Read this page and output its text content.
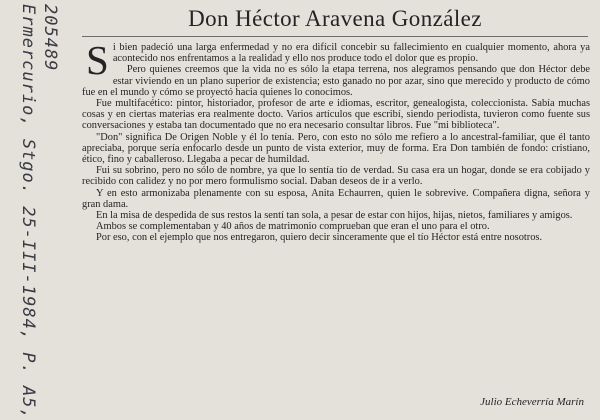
Ermercurio, Stgo. 25-III-1984, P. A5, 205489	Don Héctor Aravena González

Si bien padeció una larga enfermedad y no era difícil concebir su fallecimiento en cualquier momento, ahora ya acontecido nos enfrentamos a la realidad y ello nos produce todo el dolor que es propio.

Pero quienes creemos que la vida no es sólo la etapa terrena, nos alegramos pensando que don Héctor debe estar viviendo en un plano superior de existencia; esto ganado no por azar, sino que merecido y producto de cómo fue en el mundo y cómo se proyectó hacia quienes lo conocimos.

Fue multifacético: pintor, historiador, profesor de arte e idiomas, escritor, genealogista, coleccionista. Sabía muchas cosas y en ciertas materias era realmente docto. Varios artículos que escribí, siendo periodista, tuvieron como fuente sus conversaciones y estaba tan documentado que no era necesario consultar libros. Fue "mi biblioteca".

"Don" significa De Origen Noble y él lo tenía. Pero, con esto no sólo me refiero a lo ancestral-familiar, que él tanto apreciaba, porque sería enfocarlo desde un punto de vista exterior, muy de forma. Era Don también de fondo: cristiano, ético, fino y caballeroso. Llegaba a pecar de humildad.

Fui su sobrino, pero no sólo de nombre, ya que lo sentía tío de verdad. Su casa era un hogar, donde se era cobijado y recibido con calidez y no por mero formulismo social. Daban deseos de ir a verlo.

Y en esto armonizaba plenamente con su esposa, Anita Echaurren, quien le sobrevive. Compañera digna, señora y gran dama.

En la misa de despedida de sus restos la sentí tan sola, a pesar de estar con hijos, hijas, nietos, familiares y amigos.

Ambos se complementaban y 40 años de matrimonio comprueban que eran el uno para el otro.

Por eso, con el ejemplo que nos entregaron, quiero decir sinceramente que el tío Héctor está entre nosotros.

Julio Echeverría Marín
